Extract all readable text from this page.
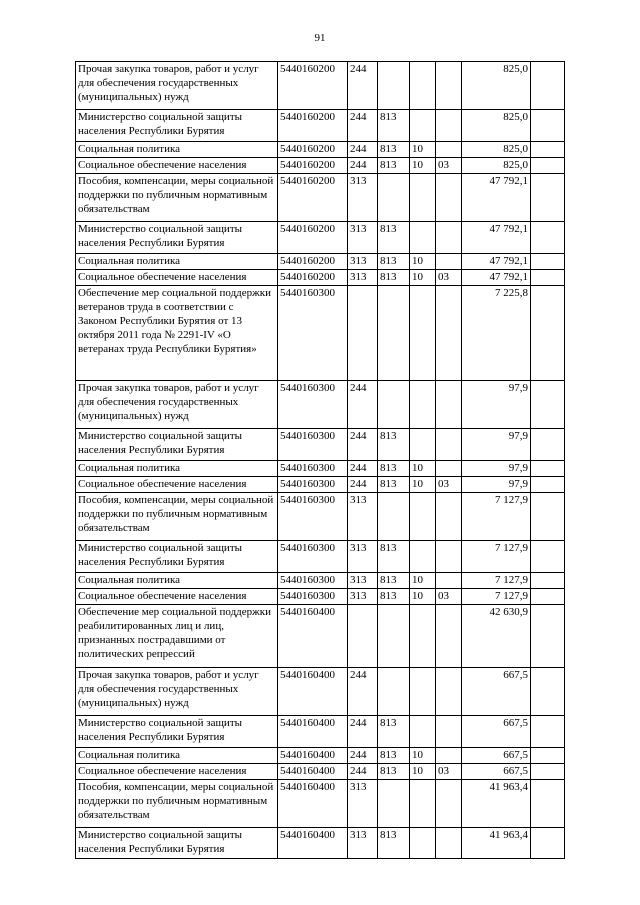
91
Прочая закупка товаров, работ и услуг для обеспечения государственных (муниципальных) нужд	5440160200	244				825,0	
Министерство социальной защиты населения Республики Бурятия	5440160200	244	813			825,0	
Социальная политика	5440160200	244	813	10		825,0	
Социальное обеспечение населения	5440160200	244	813	10	03	825,0	
Пособия, компенсации, меры социальной поддержки по публичным нормативным обязательствам	5440160200	313				47 792,1	
Министерство социальной защиты населения Республики Бурятия	5440160200	313	813			47 792,1	
Социальная политика	5440160200	313	813	10		47 792,1	
Социальное обеспечение населения	5440160200	313	813	10	03	47 792,1	
Обеспечение мер социальной поддержки ветеранов труда в соответствии с Законом Республики Бурятия от 13 октября 2011 года № 2291-IV «О ветеранах труда Республики Бурятия»	5440160300					7 225,8	
Прочая закупка товаров, работ и услуг для обеспечения государственных (муниципальных) нужд	5440160300	244				97,9	
Министерство социальной защиты населения Республики Бурятия	5440160300	244	813			97,9	
Социальная политика	5440160300	244	813	10		97,9	
Социальное обеспечение населения	5440160300	244	813	10	03	97,9	
Пособия, компенсации, меры социальной поддержки по публичным нормативным обязательствам	5440160300	313				7 127,9	
Министерство социальной защиты населения Республики Бурятия	5440160300	313	813			7 127,9	
Социальная политика	5440160300	313	813	10		7 127,9	
Социальное обеспечение населения	5440160300	313	813	10	03	7 127,9	
Обеспечение мер социальной поддержки реабилитированных лиц и лиц, признанных пострадавшими от политических репрессий	5440160400					42 630,9	
Прочая закупка товаров, работ и услуг для обеспечения государственных (муниципальных) нужд	5440160400	244				667,5	
Министерство социальной защиты населения Республики Бурятия	5440160400	244	813			667,5	
Социальная политика	5440160400	244	813	10		667,5	
Социальное обеспечение населения	5440160400	244	813	10	03	667,5	
Пособия, компенсации, меры социальной поддержки по публичным нормативным обязательствам	5440160400	313				41 963,4	
Министерство социальной защиты населения Республики Бурятия	5440160400	313	813			41 963,4	
